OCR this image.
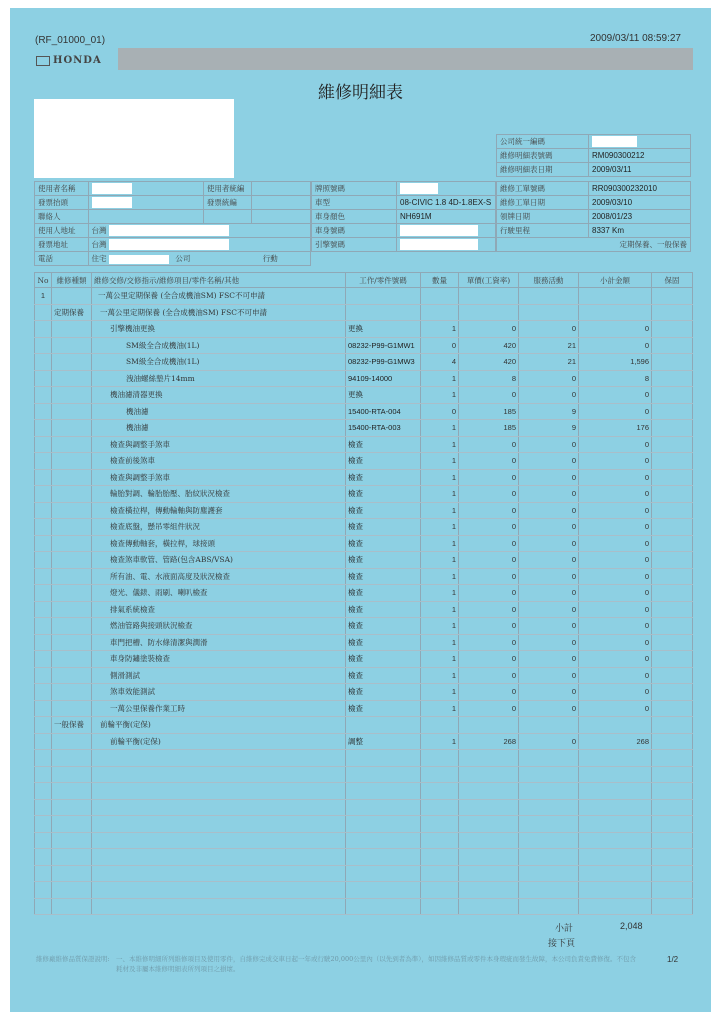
(RF_01000_01)	2009/03/11 08:59:27
HONDA
維修明細表
公司統一編碼	
維修明細表號碼	RM090300212
維修明細表日期	2009/03/11
使用者名稱		使用者統編	
發票抬頭		發票統編	
聯絡人			
使用人地址	台灣		
發票地址	台灣		
電話	住宅 公司 行動		
牌照號碼	
車型	08-CIVIC 1.8 4D-1.8EX-S
車身顏色	NH691M
車身號碼	
引擎號碼	
維修工單號碼	RR090300232010
維修工單日期	2009/03/10
領牌日期	2008/01/23
行駛里程	8337 Km
定期保養、一般保養	
No	維修種類	維修交修/交修指示/維修項目/零件名稱/其他	工作/零件號碼	數量	單價(工資率)	服務活動	小計金額	保固
1		一萬公里定期保養 (全合成機油SM) FSC不可申請						
	定期保養	一萬公里定期保養 (全合成機油SM) FSC不可申請						
		引擎機油更換	更換	1	0	0	0	
		SM級全合成機油(1L)	08232-P99-G1MW1	0	420	21	0	
		SM級全合成機油(1L)	08232-P99-G1MW3	4	420	21	1,596	
		洩油螺絲墊片14mm	94109-14000	1	8	0	8	
		機油濾清器更換	更換	1	0	0	0	
		機油濾	15400-RTA-004	0	185	9	0	
		機油濾	15400-RTA-003	1	185	9	176	
		檢查與調整手煞車	檢查	1	0	0	0	
		檢查前後煞車	檢查	1	0	0	0	
		檢查與調整手煞車	檢查	1	0	0	0	
		輪胎對調、輪胎胎壓、胎紋狀況檢查	檢查	1	0	0	0	
		檢查橫拉桿，傳動輪軸與防塵護套	檢查	1	0	0	0	
		檢查底盤，懸吊零組件狀況	檢查	1	0	0	0	
		檢查傳動軸套，橫拉桿，球接頭	檢查	1	0	0	0	
		檢查煞車軟管、管路(包含ABS/VSA)	檢查	1	0	0	0	
		所有油、電、水液面高度及狀況檢查	檢查	1	0	0	0	
		燈光、儀錶、雨刷、喇叭檢查	檢查	1	0	0	0	
		排氣系統檢查	檢查	1	0	0	0	
		燃油管路與接頭狀況檢查	檢查	1	0	0	0	
		車門把槽、防水條清潔與潤滑	檢查	1	0	0	0	
		車身防鏽塗裝檢查	檢查	1	0	0	0	
		側滑測試	檢查	1	0	0	0	
		煞車效能測試	檢查	1	0	0	0	
		一萬公里保養作業工時	檢查	1	0	0	0	
	一般保養	前輪平衡(定保)						
		前輪平衡(定保)	調整	1	268	0	268	

小計	2,048
接下頁
維修廠維修品質保證說明: 一、本維修明細所列維修項目及使用零件，自維修完成交車日起一年或行駛20,000公里內（以先到者為準），如因維修品質或零件本身瑕疵而發生故障，本公司負責免費修復。不包含耗材及非屬本維修明細表所列項目之損壞。
1/2
